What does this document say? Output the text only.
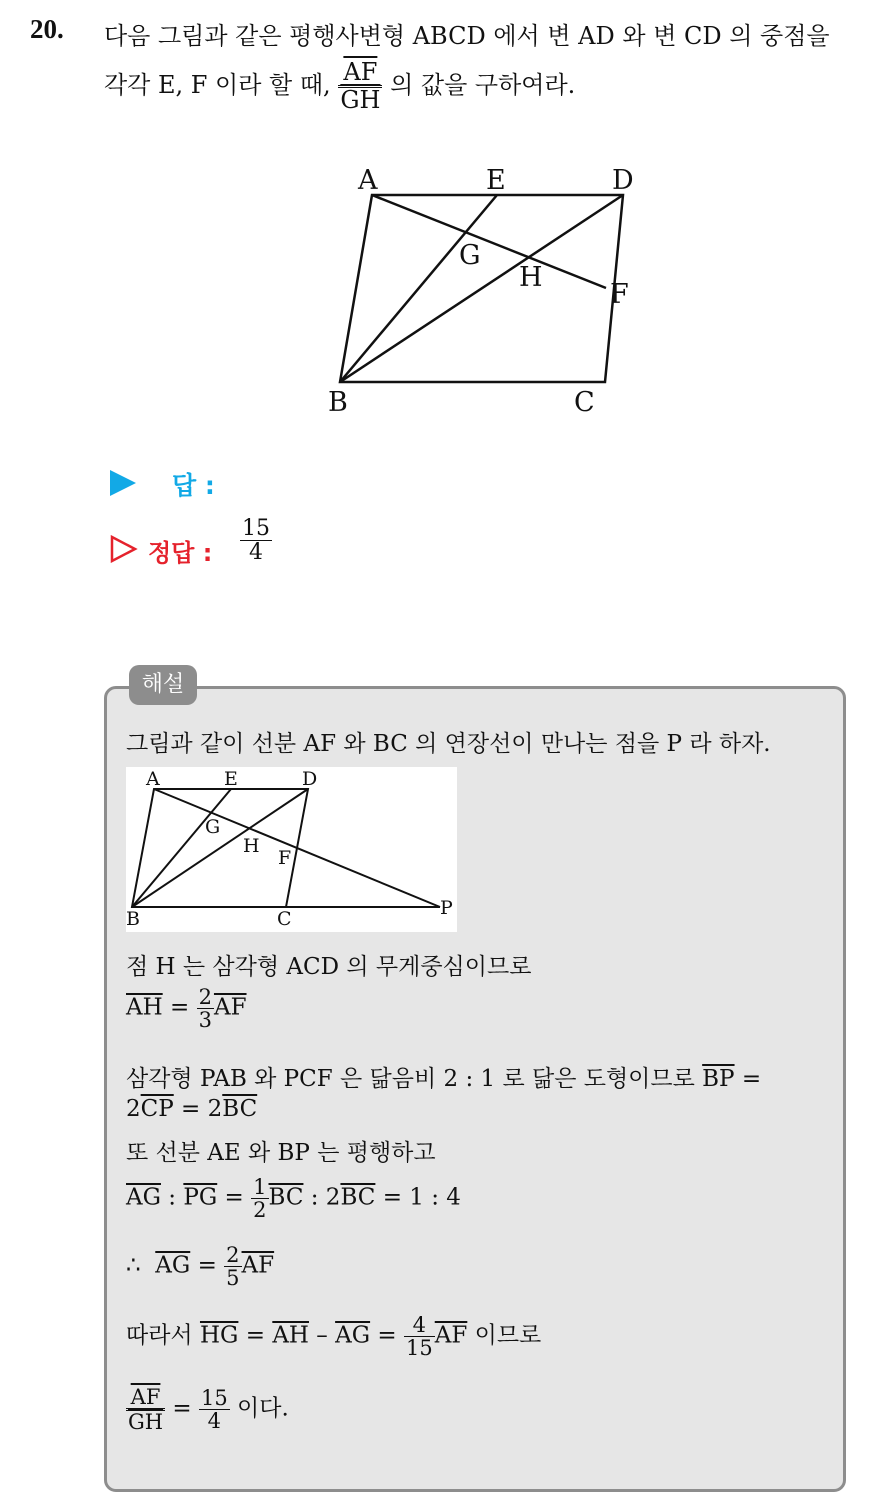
20. 다음 그림과 같은 평행사변형 ABCD 에서 변 AD 와 변 CD 의 중점을
각각 E, F 이라 할 때, $\frac{\overline{AF}}{GH}$ 의 값을 구하여라.
A	E	D
G
H
F
B	C
답 :
정답 : $\frac{15}{4}$
해설
그림과 같이 선분 AF 와 BC 의 연장선이 만나는 점을 P 라 하자.
A	E	D
G
H
F
B	C	P
점 H 는 삼각형 ACD 의 무게중심이므로
$\overline{AH} = \frac{2}{3} \overline{AF}$
삼각형 PAB 와 PCF 은 닮음비 2 : 1 로 닮은 도형이므로 $\overline{BP}$ =
$2\overline{CP} = 2\overline{BC}$
또 선분 AE 와 BP 는 평행하고
$\overline{AG}$ : $\overline{PG} = \frac{1}{2} \overline{BC}$ : $2\overline{BC} = 1$ : 4
∴ $\overline{AG} = \frac{2}{5} \overline{AF}$
따라서 $\overline{HG} = \overline{AH} - \overline{AG} = \frac{4}{15} \overline{AF}$ 이므로
$\frac{\overline{AF}}{GH} = \frac{15}{4}$ 이다.
